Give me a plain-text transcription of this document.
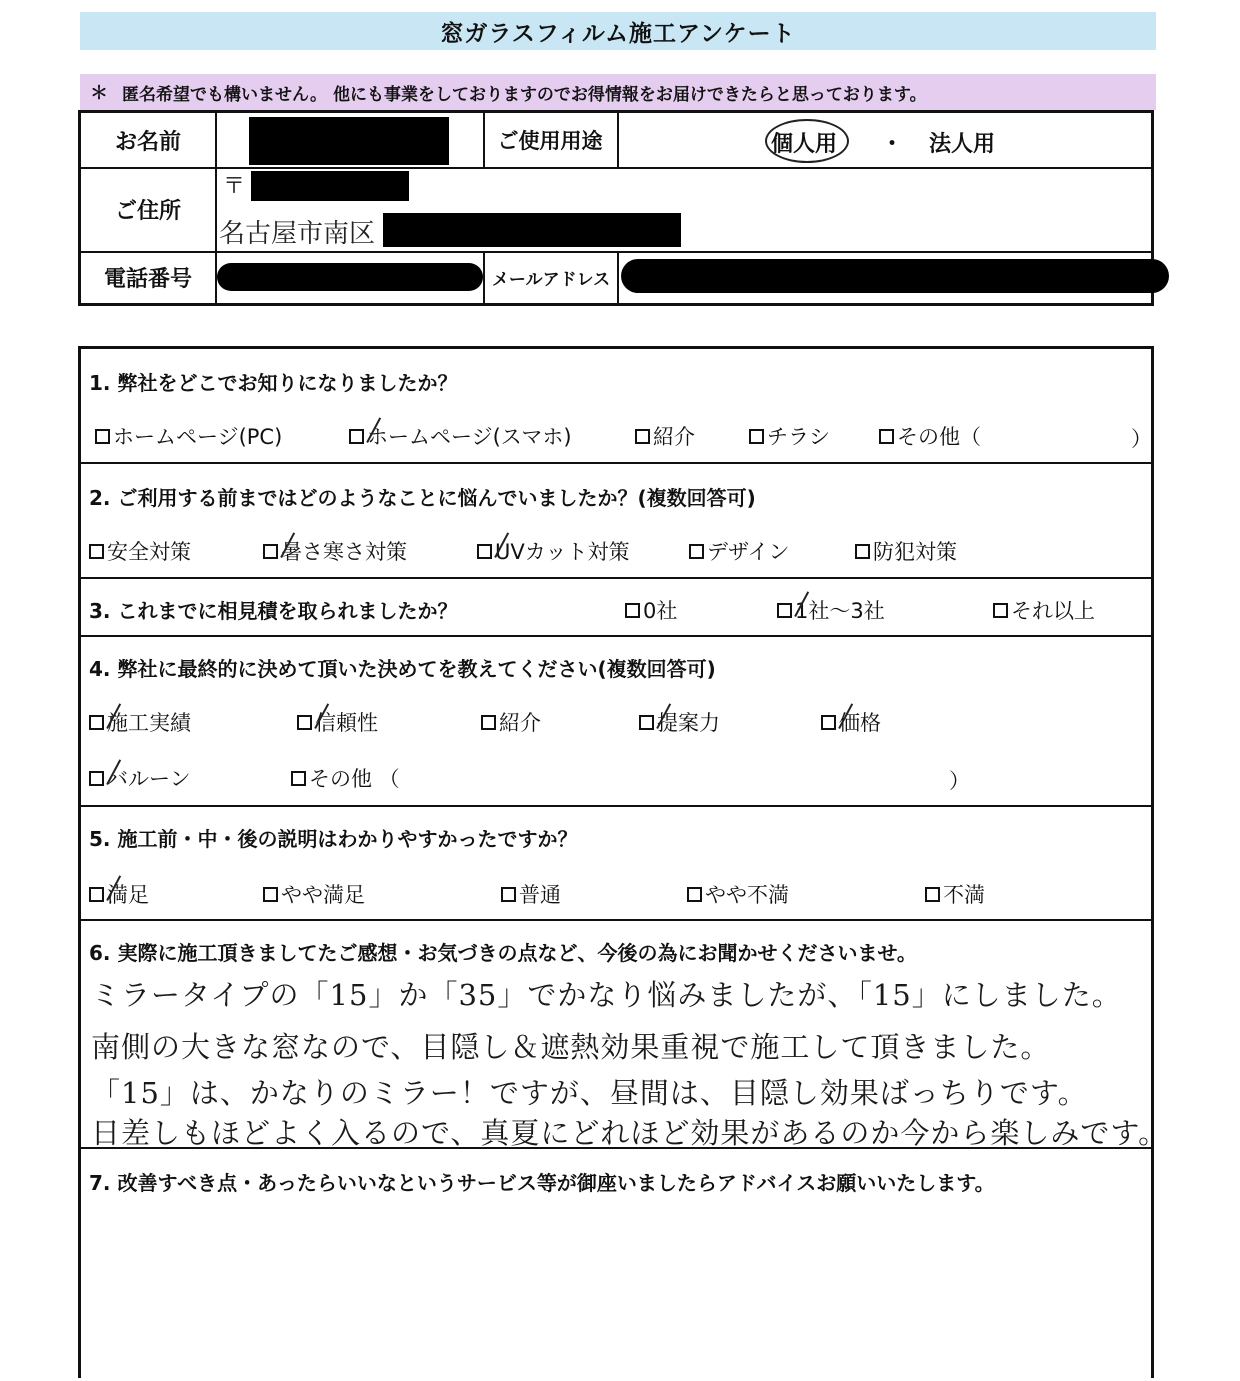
窓ガラスフィルム施工アンケート
＊ 匿名希望でも構いません。 他にも事業をしておりますのでお得情報をお届けできたらと思っております。
お名前	ご使用用途	個人用 ・ 法人用
ご住所
〒
名古屋市南区
電話番号	メールアドレス
1. 弊社をどこでお知りになりましたか？
ホームページ(PC)	ホームページ(スマホ)	紹介	チラシ	その他（	）
2. ご利用する前まではどのようなことに悩んでいましたか？(複数回答可)
安全対策	暑さ寒さ対策	UVカット対策	デザイン	防犯対策
3. これまでに相見積を取られましたか？	0社	1社～3社	それ以上
4. 弊社に最終的に決めて頂いた決めてを教えてください(複数回答可)
施工実績	信頼性	紹介	提案力	価格
バルーン	その他 （	）
5. 施工前・中・後の説明はわかりやすかったですか？
満足	やや満足	普通	やや不満	不満
6. 実際に施工頂きましてたご感想・お気づきの点など、今後の為にお聞かせくださいませ。
ミラータイプの「15」か「35」でかなり悩みましたが、「15」にしました。
南側の大きな窓なので、目隠し＆遮熱効果重視で施工して頂きました。
「15」は、かなりのミラー！ですが、昼間は、目隠し効果ばっちりです。
日差しもほどよく入るので、真夏にどれほど効果があるのか今から楽しみです。
7. 改善すべき点・あったらいいなというサービス等が御座いましたらアドバイスお願いいたします。
